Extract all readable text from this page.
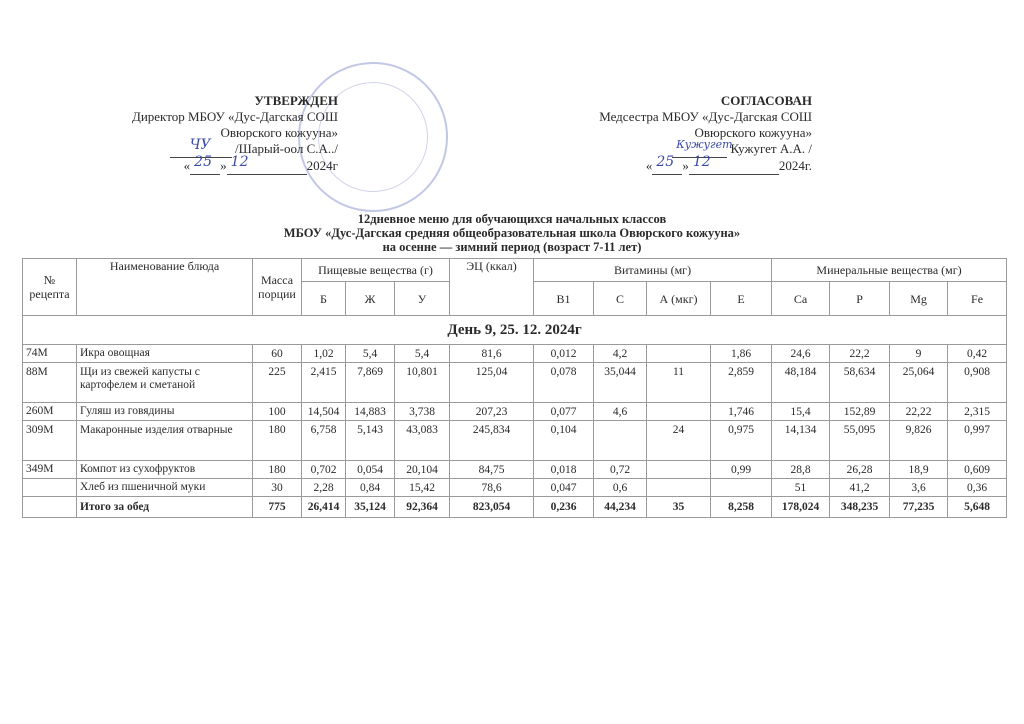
УТВЕРЖДЕН
Директор МБОУ «Дус-Дагская СОШ
Овюрского кожууна»
ЧУ /Шарый-оол С.А../
« 25 » 12	2024г
СОГЛАСОВАН
Медсестра МБОУ «Дус-Дагская СОШ
Овюрского кожууна»
Кужугет
Кужугет А.А. /
« 25 » 12	2024г.
12дневное меню для обучающихся начальных классов
МБОУ «Дус-Дагская средняя общеобразовательная школа Овюрского кожууна»
на осенне — зимний период (возраст 7-11 лет)
№ рецепта	Наименование блюда	Масса порции	Пищевые вещества (г)			ЭЦ (ккал)	Витамины (мг)				Минеральные вещества (мг)			
			Б	Ж	У		В1	С	А (мкг)	Е	Са	Р	Mg	Fe
День 9, 25. 12. 2024г														
74М	Икра овощная	60	1,02	5,4	5,4	81,6	0,012	4,2		1,86	24,6	22,2	9	0,42
88М	Щи из свежей капусты с картофелем и сметаной	225	2,415	7,869	10,801	125,04	0,078	35,044	11	2,859	48,184	58,634	25,064	0,908
260М	Гуляш из говядины	100	14,504	14,883	3,738	207,23	0,077	4,6		1,746	15,4	152,89	22,22	2,315
309М	Макаронные изделия отварные	180	6,758	5,143	43,083	245,834	0,104		24	0,975	14,134	55,095	9,826	0,997
349М	Компот из сухофруктов	180	0,702	0,054	20,104	84,75	0,018	0,72		0,99	28,8	26,28	18,9	0,609
	Хлеб из пшеничной муки	30	2,28	0,84	15,42	78,6	0,047	0,6			51	41,2	3,6	0,36
	Итого за обед	775	26,414	35,124	92,364	823,054	0,236	44,234	35	8,258	178,024	348,235	77,235	5,648
